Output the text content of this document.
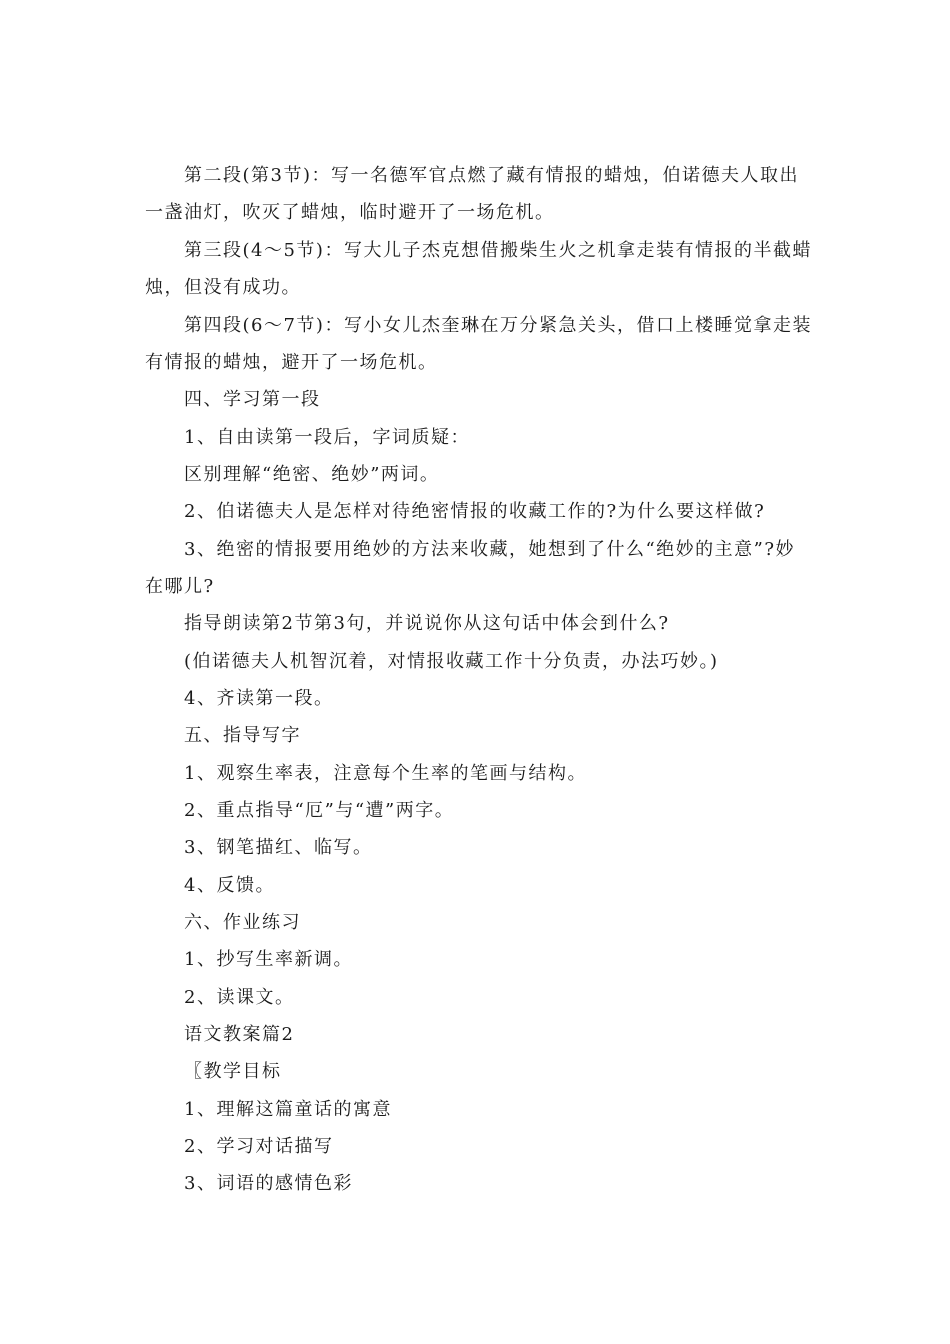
第二段(第3节)：写一名德军官点燃了藏有情报的蜡烛，伯诺德夫人取出
一盏油灯，吹灭了蜡烛，临时避开了一场危机。
第三段(4～5节)：写大儿子杰克想借搬柴生火之机拿走装有情报的半截蜡
烛，但没有成功。
第四段(6～7节)：写小女儿杰奎琳在万分紧急关头，借口上楼睡觉拿走装
有情报的蜡烛，避开了一场危机。
四、学习第一段
1、自由读第一段后，字词质疑：
区别理解“绝密、绝妙”两词。
2、伯诺德夫人是怎样对待绝密情报的收藏工作的?为什么要这样做?
3、绝密的情报要用绝妙的方法来收藏，她想到了什么“绝妙的主意”?妙
在哪儿?
指导朗读第2节第3句，并说说你从这句话中体会到什么?
(伯诺德夫人机智沉着，对情报收藏工作十分负责，办法巧妙。)
4、齐读第一段。
五、指导写字
1、观察生率表，注意每个生率的笔画与结构。
2、重点指导“厄”与“遭”两字。
3、钢笔描红、临写。
4、反馈。
六、作业练习
1、抄写生率新调。
2、读课文。
语文教案篇2
〖教学目标
1、理解这篇童话的寓意
2、学习对话描写
3、词语的感情色彩
